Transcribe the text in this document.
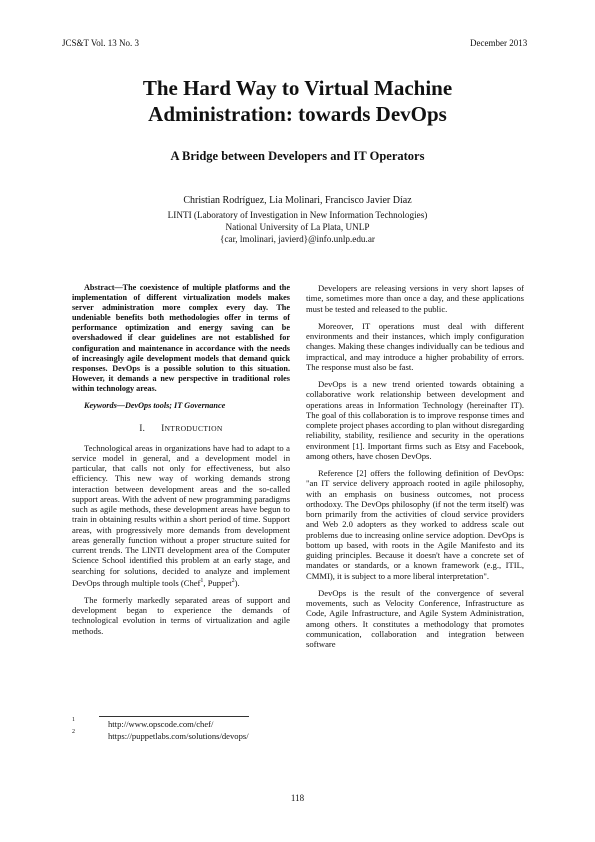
JCS&T Vol. 13 No. 3	December 2013
The Hard Way to Virtual Machine
Administration: towards DevOps
A Bridge between Developers and IT Operators
Christian Rodríguez, Lia Molinari, Francisco Javier Díaz
LINTI (Laboratory of Investigation in New Information Technologies)
National University of La Plata, UNLP
{car, lmolinari, javierd}@info.unlp.edu.ar

Abstract—The coexistence of multiple platforms and the implementation of different virtualization models makes server administration more complex every day. The undeniable benefits both methodologies offer in terms of performance optimization and energy saving can be overshadowed if clear guidelines are not established for configuration and maintenance in accordance with the needs of increasingly agile development models that demand quick responses. DevOps is a possible solution to this situation. However, it demands a new perspective in traditional roles within technology areas.

Keywords—DevOps tools; IT Governance

I. INTRODUCTION

Technological areas in organizations have had to adapt to a service model in general, and a development model in particular, that calls not only for effectiveness, but also efficiency. This new way of working demands strong interaction between development areas and the so-called support areas. With the advent of new programming paradigms such as agile methods, these development areas have begun to train in obtaining results within a short period of time. Support areas, with progressively more demands from development areas generally function without a proper structure suited for current trends. The LINTI development area of the Computer Science School identified this problem at an early stage, and searching for solutions, decided to analyze and implement DevOps through multiple tools (Chef$^1$, Puppet$^2$).

The formerly markedly separated areas of support and development began to experience the demands of technological evolution in terms of virtualization and agile methods.

Developers are releasing versions in very short lapses of time, sometimes more than once a day, and these applications must be tested and released to the public.

Moreover, IT operations must deal with different environments and their instances, which imply configuration changes. Making these changes individually can be tedious and impractical, and may introduce a higher probability of errors. The response must also be fast.

DevOps is a new trend oriented towards obtaining a collaborative work relationship between development and operations areas in Information Technology (hereinafter IT). The goal of this collaboration is to improve response times and complete project phases according to plan without disregarding reliability, stability, resilience and security in the operations environment [1]. Important firms such as Etsy and Facebook, among others, have chosen DevOps.

Reference [2] offers the following definition of DevOps: "an IT service delivery approach rooted in agile philosophy, with an emphasis on business outcomes, not process orthodoxy. The DevOps philosophy (if not the term itself) was born primarily from the activities of cloud service providers and Web 2.0 adopters as they worked to address scale out problems due to increasing online service adoption. DevOps is bottom up based, with roots in the Agile Manifesto and its guiding principles. Because it doesn't have a concrete set of mandates or standards, or a known framework (e.g., ITIL, CMMI), it is subject to a more liberal interpretation".

DevOps is the result of the convergence of several movements, such as Velocity Conference, Infrastructure as Code, Agile Infrastructure, and Agile System Administration, among others. It constitutes a methodology that promotes communication, collaboration and integration between software

1	http://www.opscode.com/chef/
2	https://puppetlabs.com/solutions/devops/
118
